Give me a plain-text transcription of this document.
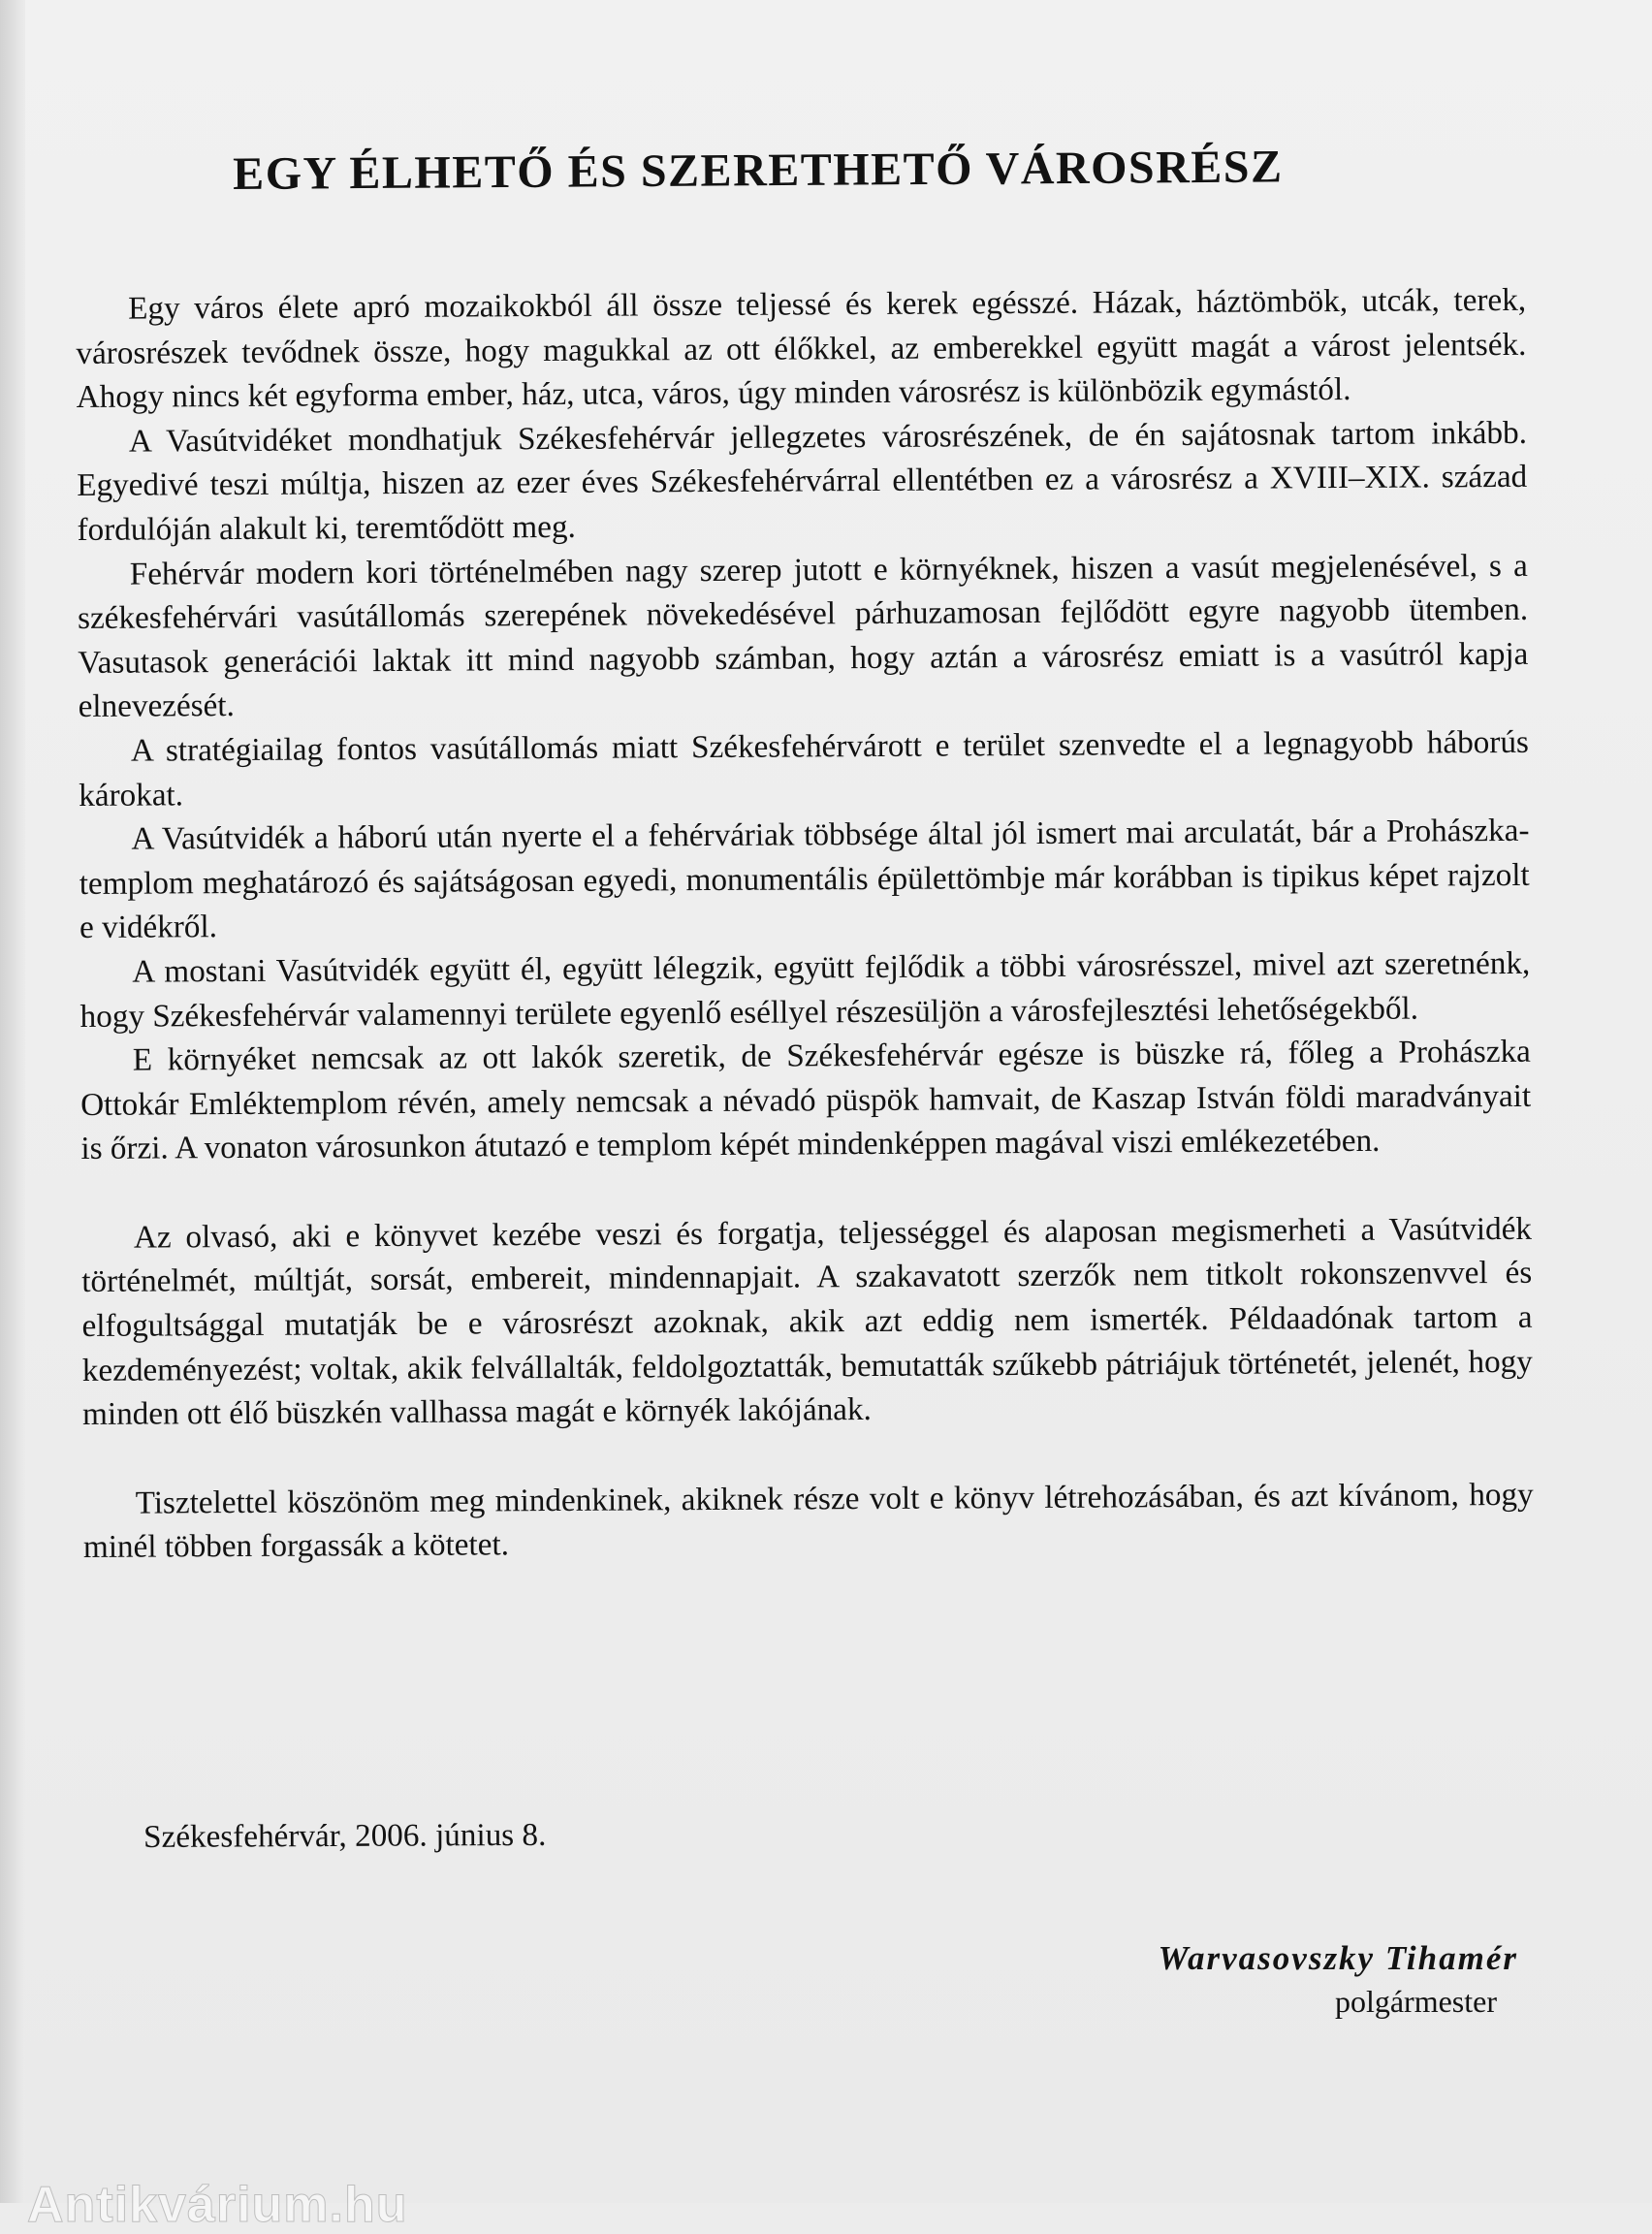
EGY ÉLHETŐ ÉS SZERETHETŐ VÁROSRÉSZ

Egy város élete apró mozaikokból áll össze teljessé és kerek egésszé. Házak, háztömbök, utcák, terek, városrészek tevődnek össze, hogy magukkal az ott élőkkel, az emberekkel együtt magát a várost jelentsék. Ahogy nincs két egyforma ember, ház, utca, város, úgy minden városrész is különbözik egymástól.

A Vasútvidéket mondhatjuk Székesfehérvár jellegzetes városrészének, de én sajátosnak tartom inkább. Egyedivé teszi múltja, hiszen az ezer éves Székesfehérvárral ellentétben ez a városrész a XVIII–XIX. század fordulóján alakult ki, teremtődött meg.

Fehérvár modern kori történelmében nagy szerep jutott e környéknek, hiszen a vasút megjelenésével, s a székesfehérvári vasútállomás szerepének növekedésével párhuzamosan fejlődött egyre nagyobb ütemben. Vasutasok generációi laktak itt mind nagyobb számban, hogy aztán a városrész emiatt is a vasútról kapja elnevezését.

A stratégiailag fontos vasútállomás miatt Székesfehérvárott e terület szenvedte el a legnagyobb háborús károkat.

A Vasútvidék a háború után nyerte el a fehérváriak többsége által jól ismert mai arculatát, bár a Prohászka-templom meghatározó és sajátságosan egyedi, monumentális épülettömbje már korábban is tipikus képet rajzolt e vidékről.

A mostani Vasútvidék együtt él, együtt lélegzik, együtt fejlődik a többi városrésszel, mivel azt szeretnénk, hogy Székesfehérvár valamennyi területe egyenlő eséllyel részesüljön a városfejlesztési lehetőségekből.

E környéket nemcsak az ott lakók szeretik, de Székesfehérvár egésze is büszke rá, főleg a Prohászka Ottokár Emléktemplom révén, amely nemcsak a névadó püspök hamvait, de Kaszap István földi maradványait is őrzi. A vonaton városunkon átutazó e templom képét mindenképpen magával viszi emlékezetében.

Az olvasó, aki e könyvet kezébe veszi és forgatja, teljességgel és alaposan megismerheti a Vasútvidék történelmét, múltját, sorsát, embereit, mindennapjait. A szakavatott szerzők nem titkolt rokonszenvvel és elfogultsággal mutatják be e városrészt azoknak, akik azt eddig nem ismerték. Példaadónak tartom a kezdeményezést; voltak, akik felvállalták, feldolgoztatták, bemutatták szűkebb pátriájuk történetét, jelenét, hogy minden ott élő büszkén vallhassa magát e környék lakójának.

Tisztelettel köszönöm meg mindenkinek, akiknek része volt e könyv létrehozásában, és azt kívánom, hogy minél többen forgassák a kötetet.

Székesfehérvár, 2006. június 8.

Warvasovszky Tihamér

polgármester

Antikvárium.hu
